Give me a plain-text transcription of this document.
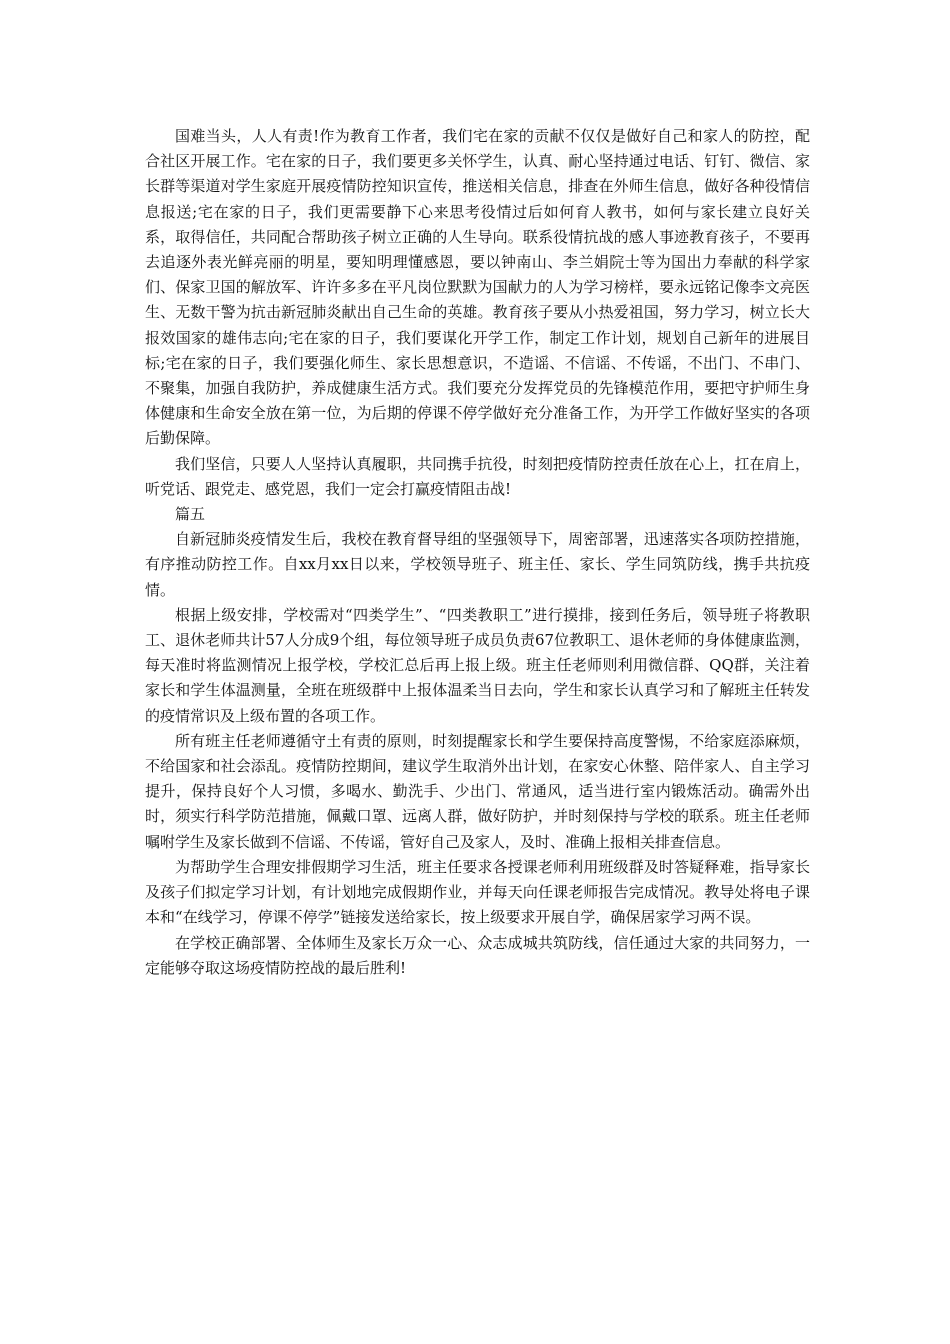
国难当头，人人有责!作为教育工作者，我们宅在家的贡献不仅仅是做好自己和家人的防控，配合社区开展工作。宅在家的日子，我们要更多关怀学生，认真、耐心坚持通过电话、钉钉、微信、家长群等渠道对学生家庭开展疫情防控知识宣传，推送相关信息，排查在外师生信息，做好各种役情信息报送;宅在家的日子，我们更需要静下心来思考役情过后如何育人教书，如何与家长建立良好关系，取得信任，共同配合帮助孩子树立正确的人生导向。联系役情抗战的感人事迹教育孩子，不要再去追逐外表光鲜亮丽的明星，要知明理懂感恩，要以钟南山、李兰娟院士等为国出力奉献的科学家们、保家卫国的解放军、许许多多在平凡岗位默默为国献力的人为学习榜样，要永远铭记像李文亮医生、无数干警为抗击新冠肺炎献出自己生命的英雄。教育孩子要从小热爱祖国，努力学习，树立长大报效国家的雄伟志向;宅在家的日子，我们要谋化开学工作，制定工作计划，规划自己新年的进展目标;宅在家的日子，我们要强化师生、家长思想意识，不造谣、不信谣、不传谣，不出门、不串门、不聚集，加强自我防护，养成健康生活方式。我们要充分发挥党员的先锋模范作用，要把守护师生身体健康和生命安全放在第一位，为后期的停课不停学做好充分准备工作，为开学工作做好坚实的各项后勤保障。

我们坚信，只要人人坚持认真履职，共同携手抗役，时刻把疫情防控责任放在心上，扛在肩上，听党话、跟党走、感党恩，我们一定会打赢疫情阻击战!

篇五

自新冠肺炎疫情发生后，我校在教育督导组的坚强领导下，周密部署，迅速落实各项防控措施，有序推动防控工作。自xx月xx日以来，学校领导班子、班主任、家长、学生同筑防线，携手共抗疫情。

根据上级安排，学校需对“四类学生”、“四类教职工”进行摸排，接到任务后，领导班子将教职工、退休老师共计57人分成9个组，每位领导班子成员负责67位教职工、退休老师的身体健康监测，每天准时将监测情况上报学校，学校汇总后再上报上级。班主任老师则利用微信群、QQ群，关注着家长和学生体温测量，全班在班级群中上报体温柔当日去向，学生和家长认真学习和了解班主任转发的疫情常识及上级布置的各项工作。

所有班主任老师遵循守土有责的原则，时刻提醒家长和学生要保持高度警惕，不给家庭添麻烦，不给国家和社会添乱。疫情防控期间，建议学生取消外出计划，在家安心休整、陪伴家人、自主学习提升，保持良好个人习惯，多喝水、勤洗手、少出门、常通风，适当进行室内锻炼活动。确需外出时，须实行科学防范措施，佩戴口罩、远离人群，做好防护，并时刻保持与学校的联系。班主任老师嘱咐学生及家长做到不信谣、不传谣，管好自己及家人，及时、准确上报相关排查信息。

为帮助学生合理安排假期学习生活，班主任要求各授课老师利用班级群及时答疑释难，指导家长及孩子们拟定学习计划，有计划地完成假期作业，并每天向任课老师报告完成情况。教导处将电子课本和“在线学习，停课不停学”链接发送给家长，按上级要求开展自学，确保居家学习两不误。

在学校正确部署、全体师生及家长万众一心、众志成城共筑防线，信任通过大家的共同努力，一定能够夺取这场疫情防控战的最后胜利!
